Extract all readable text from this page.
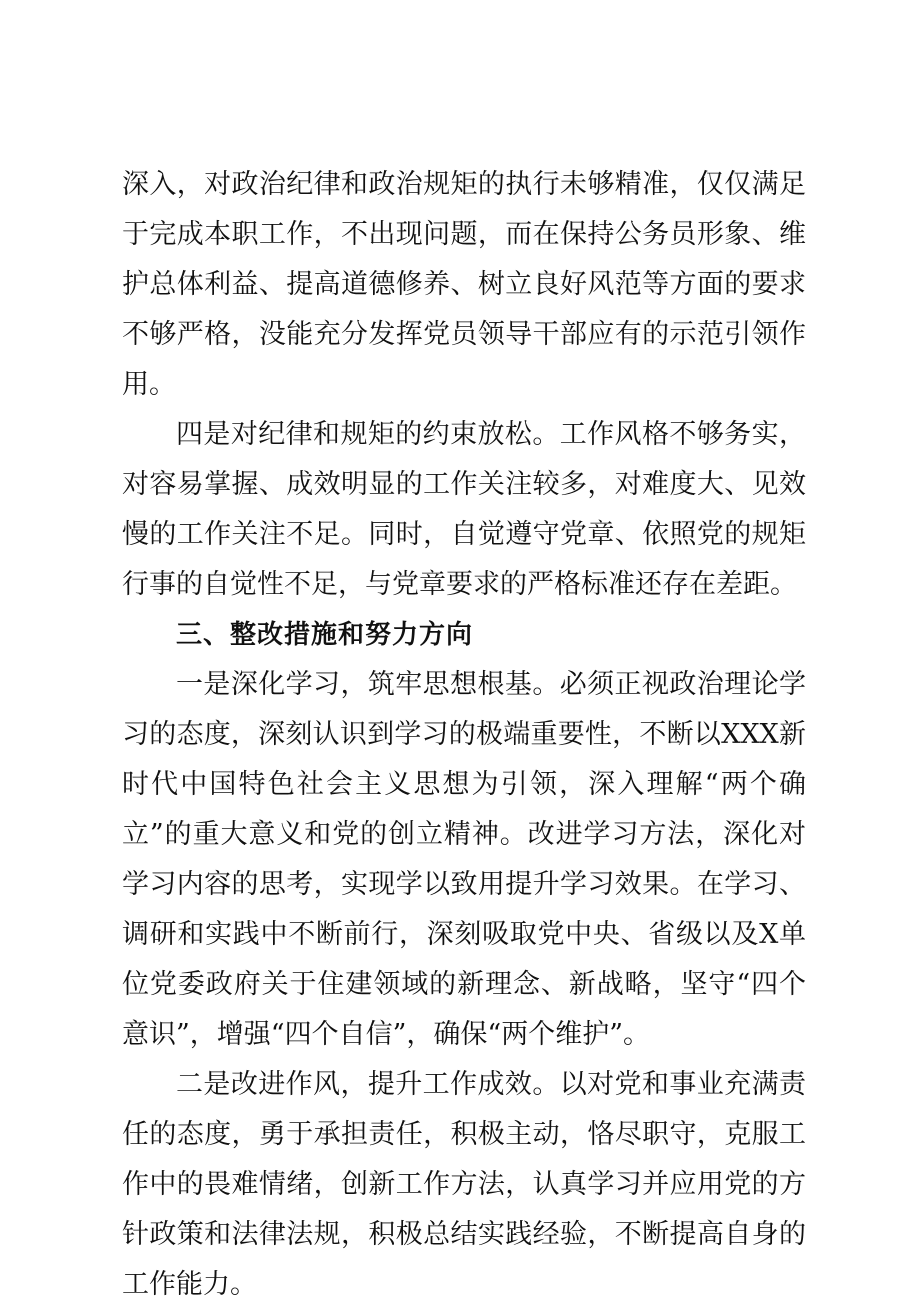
深入，对政治纪律和政治规矩的执行未够精准，仅仅满足于完成本职工作，不出现问题，而在保持公务员形象、维护总体利益、提高道德修养、树立良好风范等方面的要求不够严格，没能充分发挥党员领导干部应有的示范引领作用。

四是对纪律和规矩的约束放松。工作风格不够务实，对容易掌握、成效明显的工作关注较多，对难度大、见效慢的工作关注不足。同时，自觉遵守党章、依照党的规矩行事的自觉性不足，与党章要求的严格标准还存在差距。

三、整改措施和努力方向

一是深化学习，筑牢思想根基。必须正视政治理论学习的态度，深刻认识到学习的极端重要性，不断以XXX新时代中国特色社会主义思想为引领，深入理解“两个确立”的重大意义和党的创立精神。改进学习方法，深化对学习内容的思考，实现学以致用提升学习效果。在学习、调研和实践中不断前行，深刻吸取党中央、省级以及X单位党委政府关于住建领域的新理念、新战略，坚守“四个意识”，增强“四个自信”，确保“两个维护”。

二是改进作风，提升工作成效。以对党和事业充满责任的态度，勇于承担责任，积极主动，恪尽职守，克服工作中的畏难情绪，创新工作方法，认真学习并应用党的方针政策和法律法规，积极总结实践经验，不断提高自身的工作能力。
